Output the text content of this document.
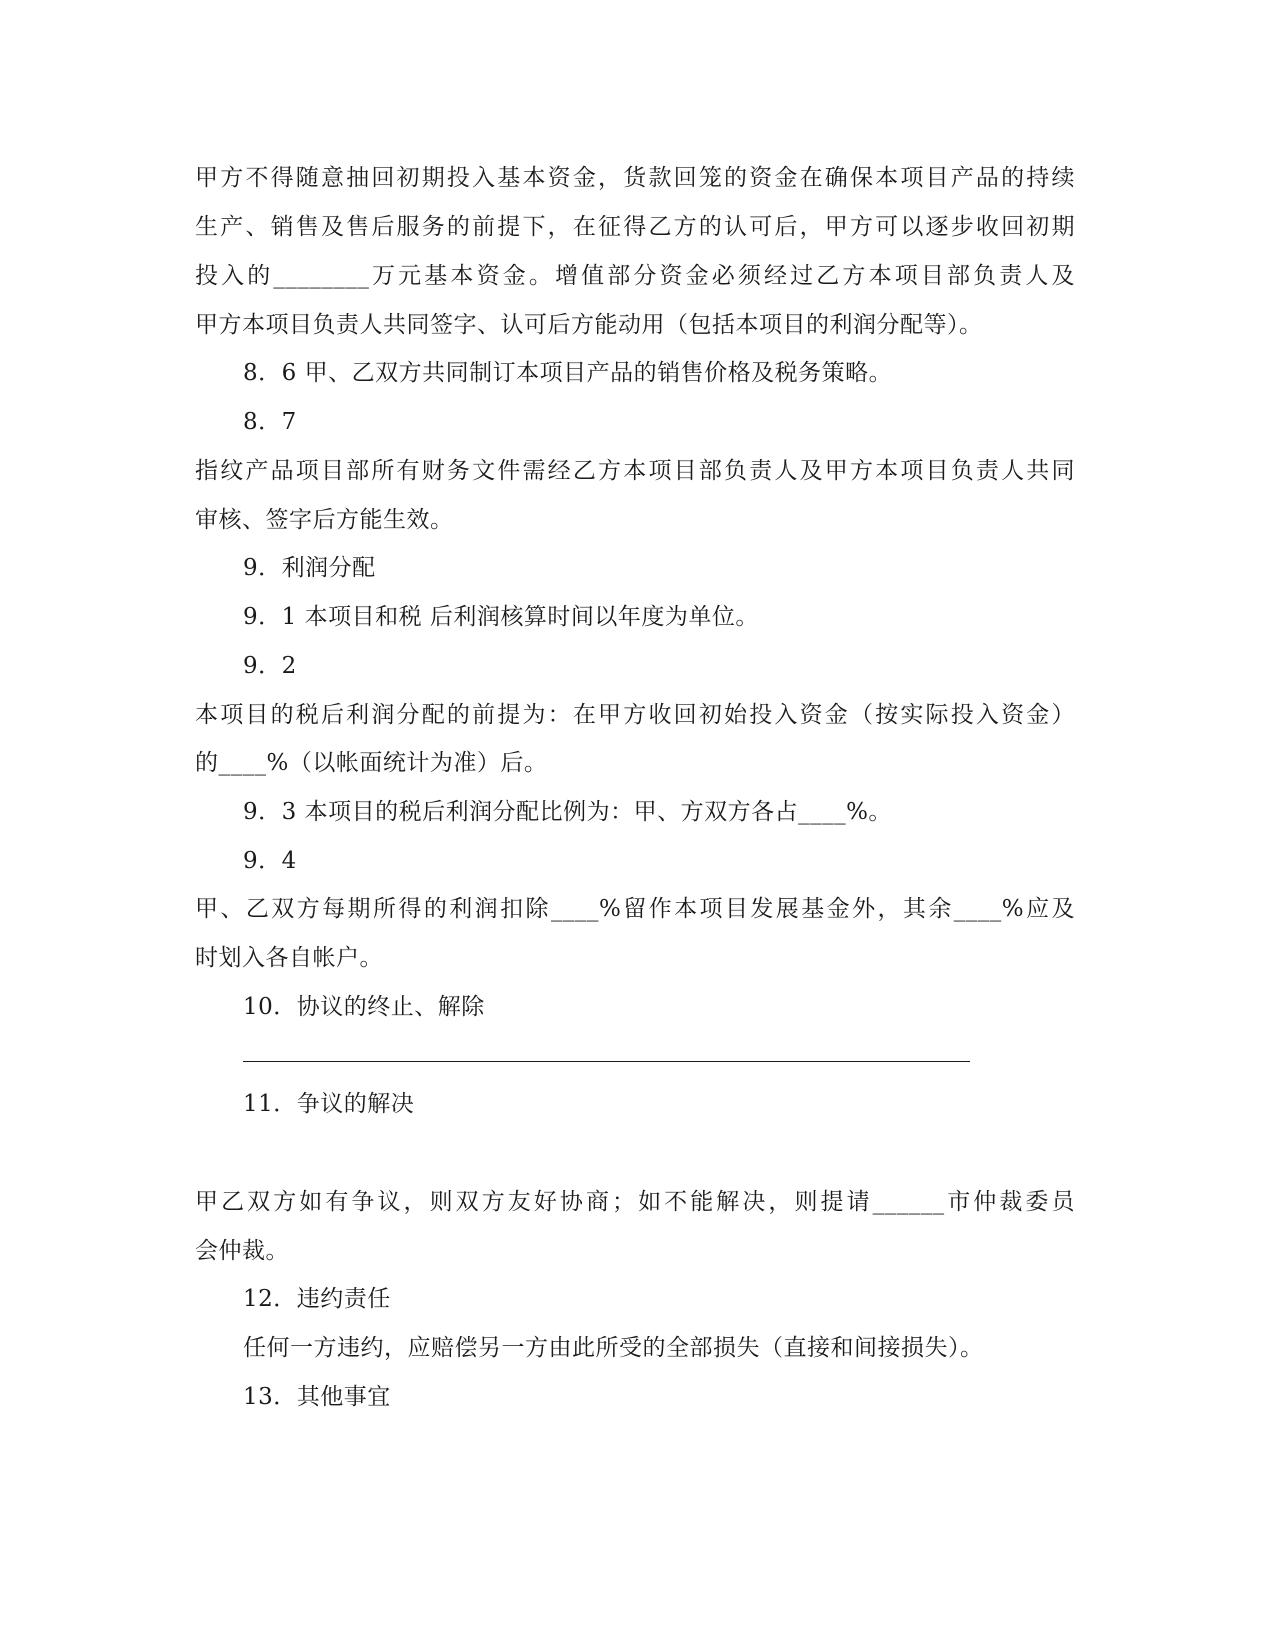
甲方不得随意抽回初期投入基本资金，货款回笼的资金在确保本项目产品的持续
生产、销售及售后服务的前提下，在征得乙方的认可后，甲方可以逐步收回初期
投入的________万元基本资金。增值部分资金必须经过乙方本项目部负责人及
甲方本项目负责人共同签字、认可后方能动用（包括本项目的利润分配等）。
8．6 甲、乙双方共同制订本项目产品的销售价格及税务策略。
8．7
指纹产品项目部所有财务文件需经乙方本项目部负责人及甲方本项目负责人共同
审核、签字后方能生效。
9．利润分配
9．1 本项目和税 后利润核算时间以年度为单位。
9．2
本项目的税后利润分配的前提为：在甲方收回初始投入资金（按实际投入资金）
的____%（以帐面统计为准）后。
9．3 本项目的税后利润分配比例为：甲、方双方各占____%。
9．4
甲、乙双方每期所得的利润扣除____%留作本项目发展基金外，其余____%应及
时划入各自帐户。
10．协议的终止、解除
11．争议的解决
甲乙双方如有争议，则双方友好协商；如不能解决，则提请______市仲裁委员
会仲裁。
12．违约责任
任何一方违约，应赔偿另一方由此所受的全部损失（直接和间接损失）。
13．其他事宜
